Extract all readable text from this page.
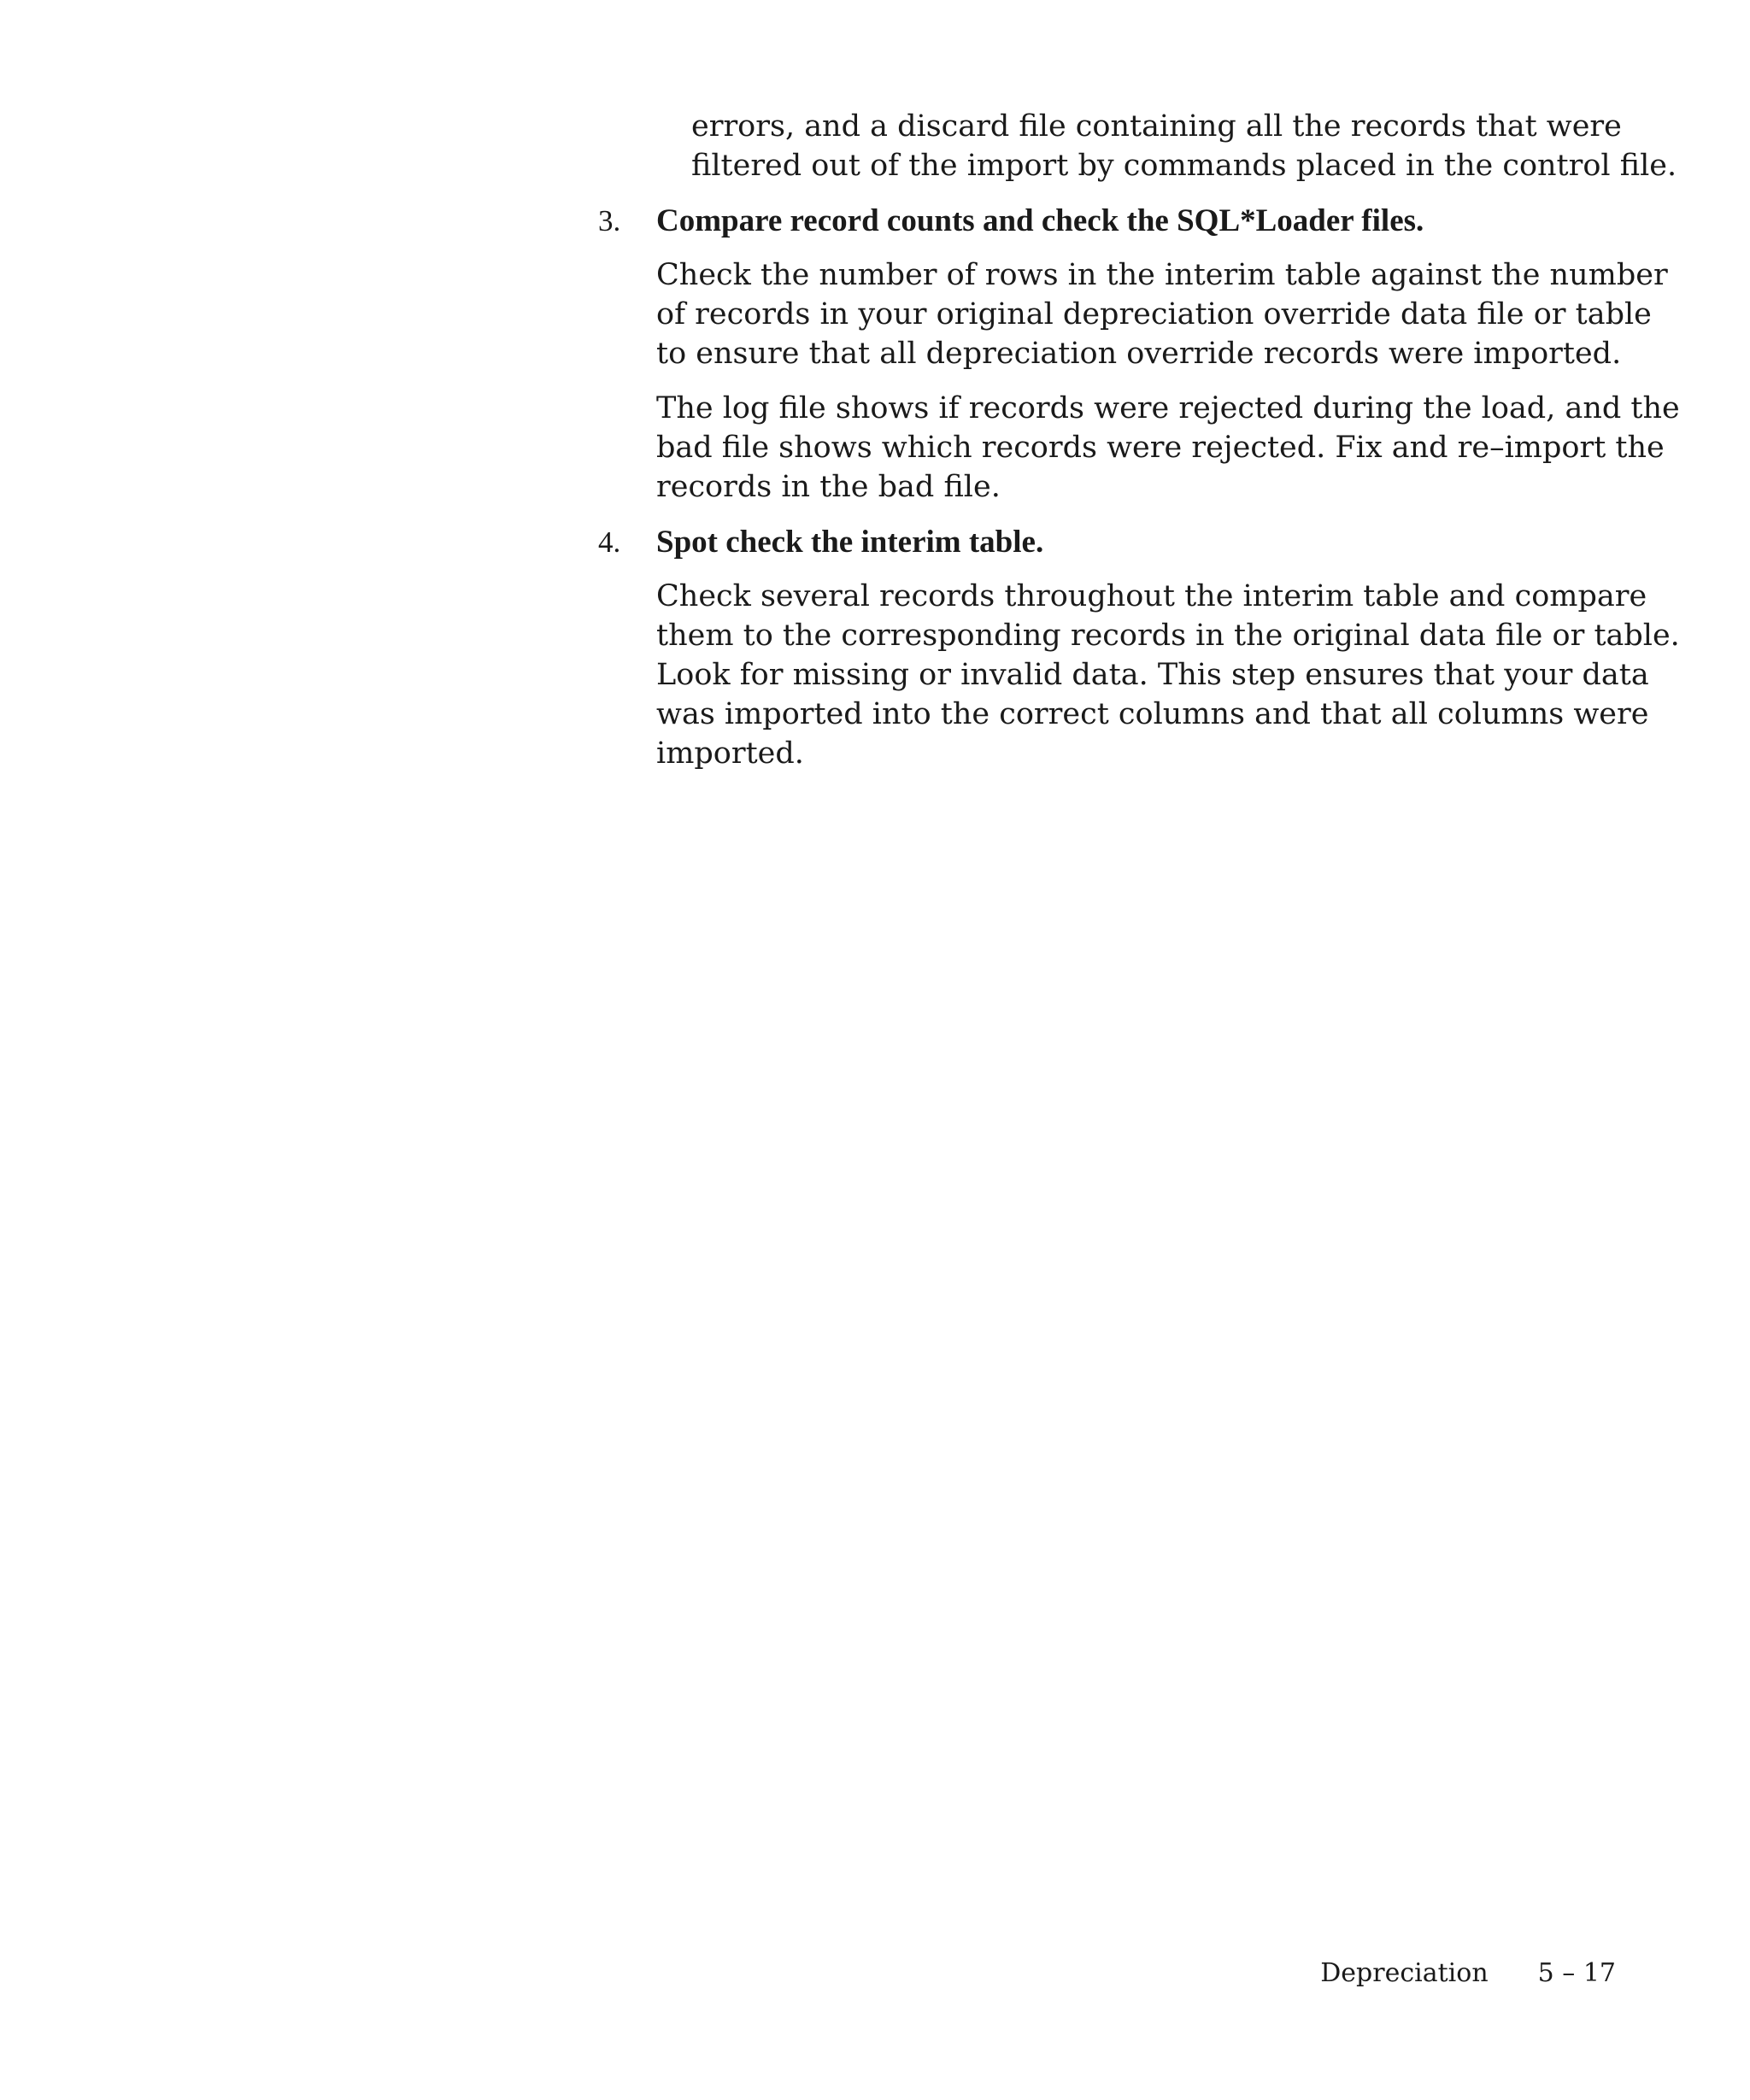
errors, and a discard file containing all the records that were
filtered out of the import by commands placed in the control file.

3.	Compare record counts and check the SQL*Loader files.

Check the number of rows in the interim table against the number
of records in your original depreciation override data file or table
to ensure that all depreciation override records were imported.

The log file shows if records were rejected during the load, and the
bad file shows which records were rejected. Fix and re–import the
records in the bad file.

4.	Spot check the interim table.

Check several records throughout the interim table and compare
them to the corresponding records in the original data file or table.
Look for missing or invalid data. This step ensures that your data
was imported into the correct columns and that all columns were
imported.

Depreciation 5 – 17
